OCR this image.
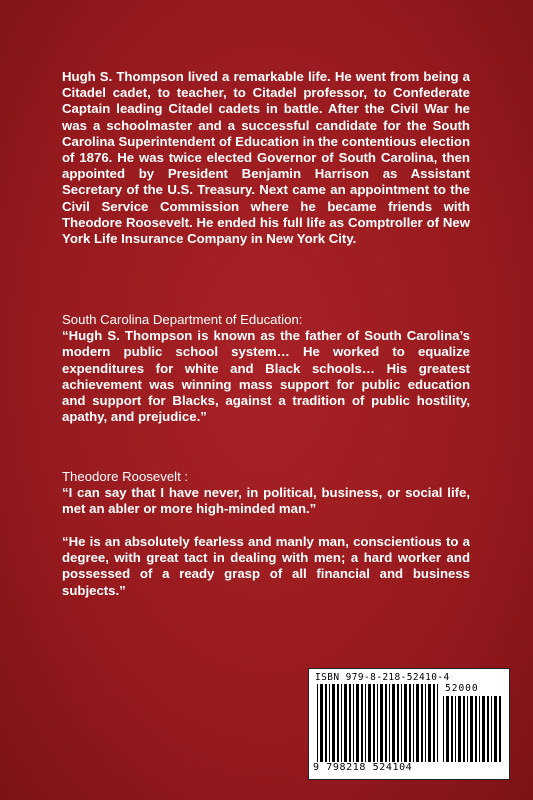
Hugh S. Thompson lived a remarkable life. He went from being a Citadel cadet, to teacher, to Citadel professor, to Confederate Captain leading Citadel cadets in battle. After the Civil War he was a schoolmaster and a successful candidate for the South Carolina Superintendent of Education in the contentious election of 1876. He was twice elected Governor of South Carolina, then appointed by President Benjamin Harrison as Assistant Secretary of the U.S. Treasury. Next came an appointment to the Civil Service Commission where he became friends with Theodore Roosevelt. He ended his full life as Comptroller of New York Life Insurance Company in New York City.
South Carolina Department of Education:
“Hugh S. Thompson is known as the father of South Carolina’s modern public school system… He worked to equalize expenditures for white and Black schools… His greatest achievement was winning mass support for public education and support for Blacks, against a tradition of public hostility, apathy, and prejudice.”
Theodore Roosevelt :
“I can say that I have never, in political, business, or social life, met an abler or more high-minded man.”
“He is an absolutely fearless and manly man, conscientious to a degree, with great tact in dealing with men; a hard worker and possessed of a ready grasp of all financial and business subjects.”
ISBN 979-8-218-52410-4
52000
9 798218 524104
